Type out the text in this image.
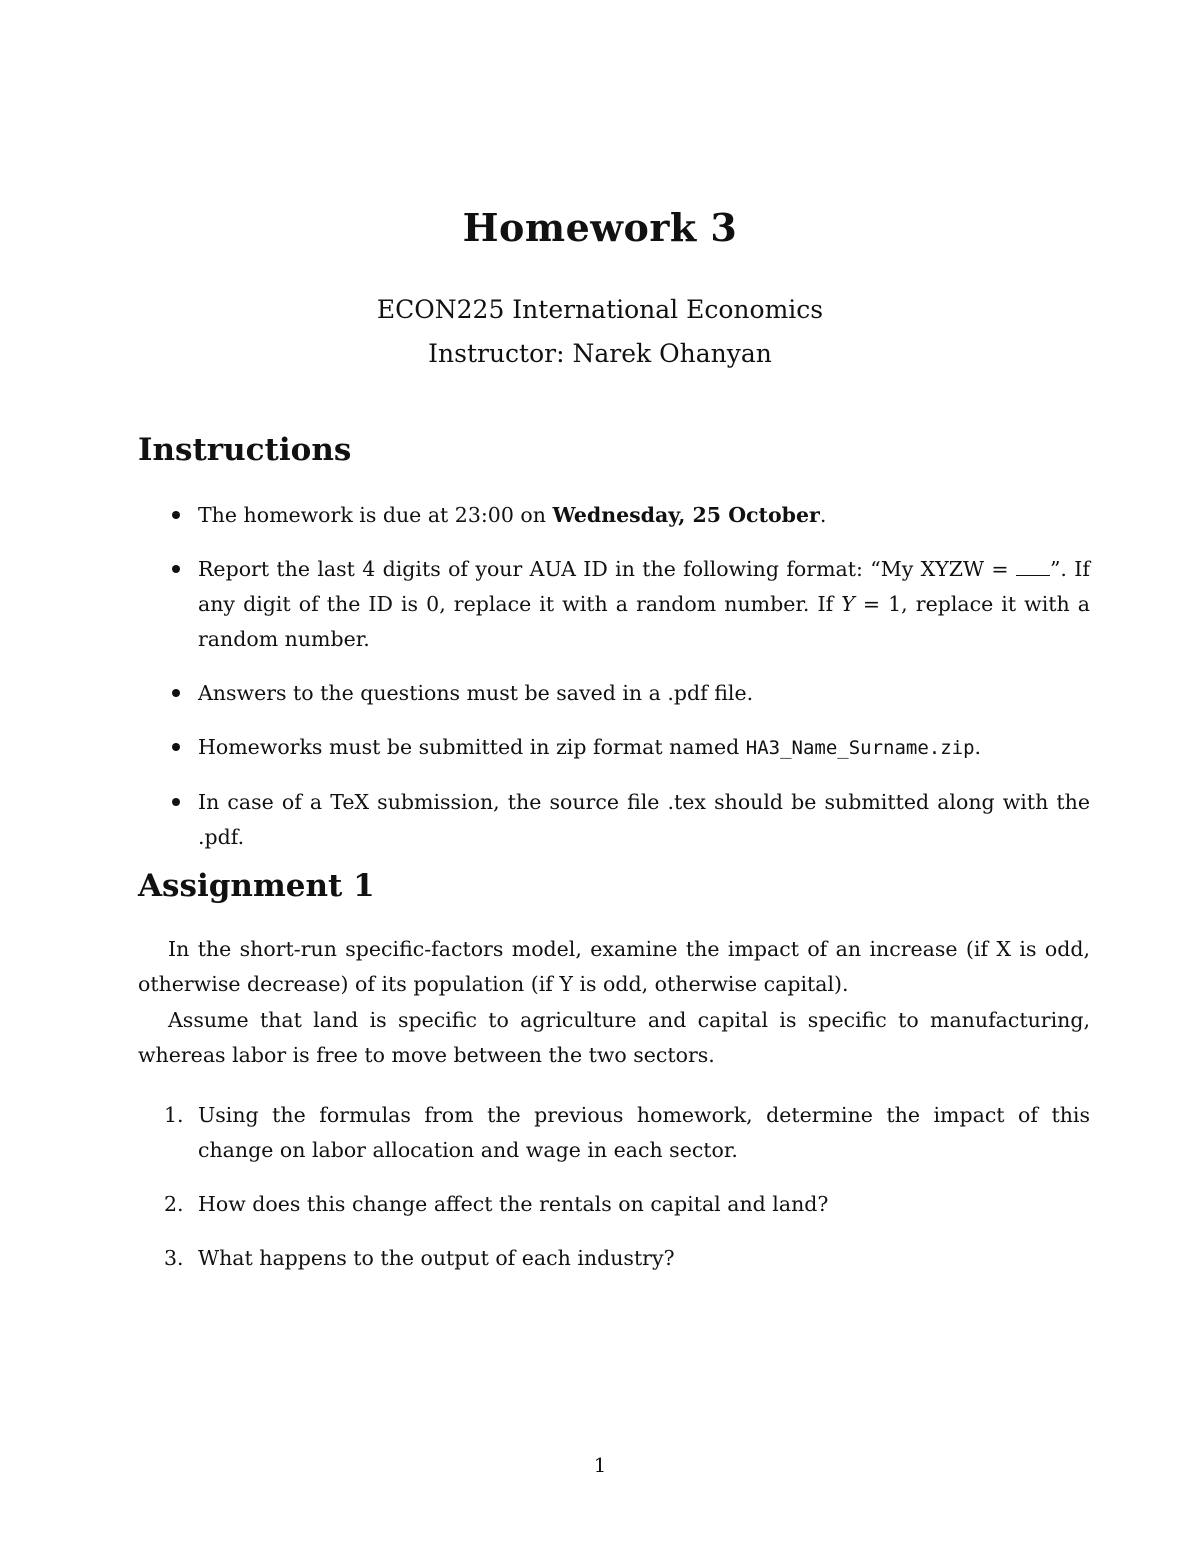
Homework 3
ECON225 International Economics
Instructor: Narek Ohanyan
Instructions
The homework is due at 23:00 on Wednesday, 25 October.
Report the last 4 digits of your AUA ID in the following format: “My XYZW = ”. If any digit of the ID is 0, replace it with a random number. If Y = 1, replace it with a random number.
Answers to the questions must be saved in a .pdf file.
Homeworks must be submitted in zip format named HA3_Name_Surname.zip.
In case of a TeX submission, the source file .tex should be submitted along with the .pdf.
Assignment 1

In the short-run specific-factors model, examine the impact of an increase (if X is odd, otherwise decrease) of its population (if Y is odd, otherwise capital).

Assume that land is specific to agriculture and capital is specific to manufacturing, whereas labor is free to move between the two sectors.

1. Using the formulas from the previous homework, determine the impact of this change on labor allocation and wage in each sector.
2. How does this change affect the rentals on capital and land?
3. What happens to the output of each industry?
1
